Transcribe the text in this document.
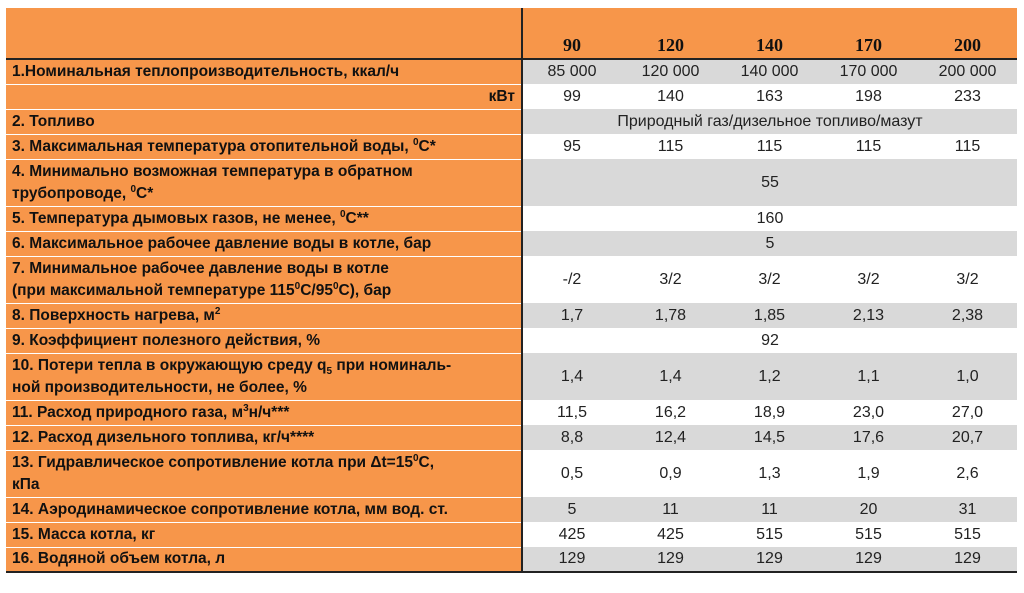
	90	120	140	170	200
1.Номинальная теплопроизводительность, ккал/ч	85 000	120 000	140 000	170 000	200 000
кВт	99	140	163	198	233
2. Топливо	Природный газ/дизельное топливо/мазут				
3. Максимальная температура отопительной воды, $^0$C*	95	115	115	115	115
4. Минимально возможная температура в обратном
трубопроводе, $^0$C*	55				
5. Температура дымовых газов, не менее, $^0$C**	160				
6. Максимальное рабочее давление воды в котле, бар	5				
7. Минимальное рабочее давление воды в котле
(при максимальной температуре $115^0C/95^0C$), бар	-/2	3/2	3/2	3/2	3/2
8. Поверхность нагрева, $м^2$	1,7	1,78	1,85	2,13	2,38
9. Коэффициент полезного действия, %	92				
10. Потери тепла в окружающую среду $q_5$ при номиналь-
ной производительности, не более, %	1,4	1,4	1,2	1,1	1,0
11. Расход природного газа, $м^3н/ч***$	11,5	16,2	18,9	23,0	27,0
12. Расход дизельного топлива, кг/ч****	8,8	12,4	14,5	17,6	20,7
13. Гидравлическое сопротивление котла при $\Delta t=15^0C$,
кПа	0,5	0,9	1,3	1,9	2,6
14. Аэродинамическое сопротивление котла, мм вод. ст.	5	11	11	20	31
15. Масса котла, кг	425	425	515	515	515
16. Водяной объем котла, л	129	129	129	129	129
